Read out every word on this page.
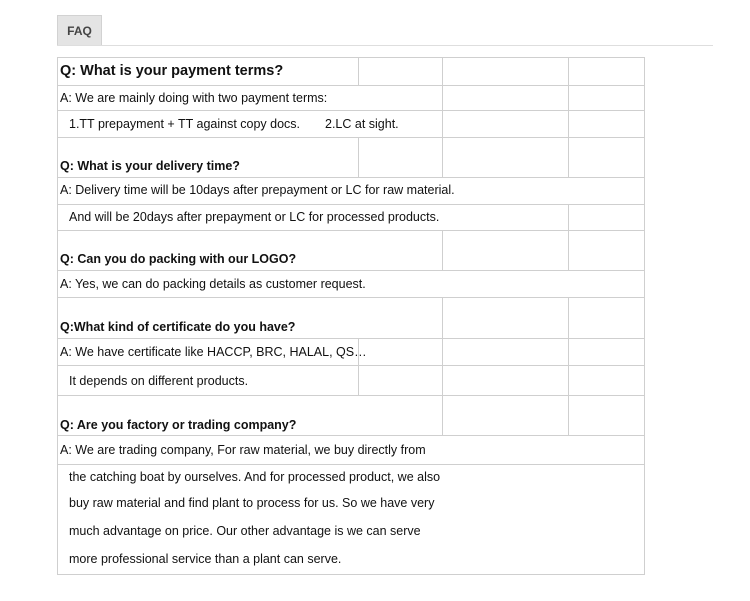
FAQ
Q: What is your payment terms?
A: We are mainly doing with two payment terms:
1.TT prepayment + TT against copy docs. 2.LC at sight.
Q: What is your delivery time?
A: Delivery time will be 10days after prepayment or LC for raw material.
And will be 20days after prepayment or LC for processed products.
Q: Can you do packing with our LOGO?
A: Yes, we can do packing details as customer request.
Q:What kind of certificate do you have?
A: We have certificate like HACCP, BRC, HALAL, QS…
It depends on different products.
Q: Are you factory or trading company?
A: We are trading company, For raw material, we buy directly from
the catching boat by ourselves. And for processed product, we also
buy raw material and find plant to process for us. So we have very
much advantage on price. Our other advantage is we can serve
more professional service than a plant can serve.
